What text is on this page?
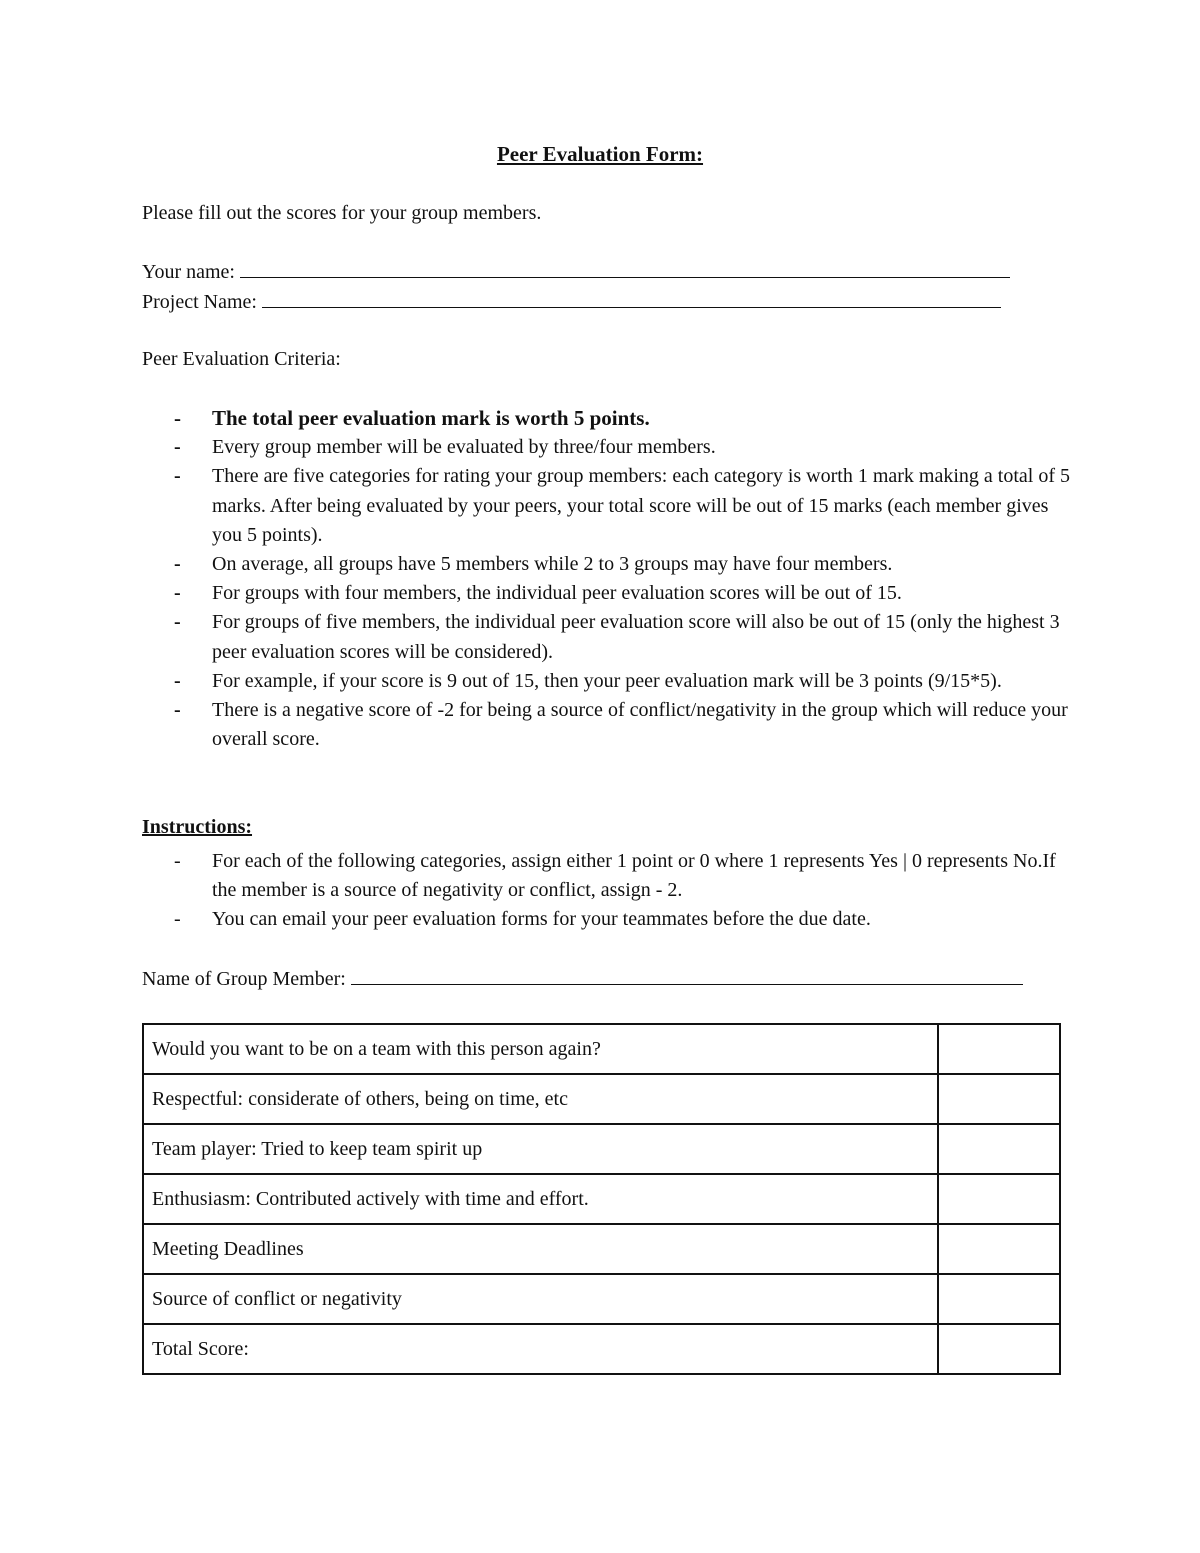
Peer Evaluation Form:
Please fill out the scores for your group members.
Your name:
Project Name:
Peer Evaluation Criteria:
- The total peer evaluation mark is worth 5 points.
- Every group member will be evaluated by three/four members.
- There are five categories for rating your group members: each category is worth 1 mark making a total of 5 marks. After being evaluated by your peers, your total score will be out of 15 marks (each member gives you 5 points).
- On average, all groups have 5 members while 2 to 3 groups may have four members.
- For groups with four members, the individual peer evaluation scores will be out of 15.
- For groups of five members, the individual peer evaluation score will also be out of 15 (only the highest 3 peer evaluation scores will be considered).
- For example, if your score is 9 out of 15, then your peer evaluation mark will be 3 points (9/15*5).
- There is a negative score of -2 for being a source of conflict/negativity in the group which will reduce your overall score.
Instructions:
- For each of the following categories, assign either 1 point or 0 where 1 represents Yes | 0 represents No.If the member is a source of negativity or conflict, assign - 2.
- You can email your peer evaluation forms for your teammates before the due date.
Name of Group Member:
Would you want to be on a team with this person again?	
Respectful: considerate of others, being on time, etc	
Team player: Tried to keep team spirit up	
Enthusiasm: Contributed actively with time and effort.	
Meeting Deadlines	
Source of conflict or negativity	
Total Score:	
